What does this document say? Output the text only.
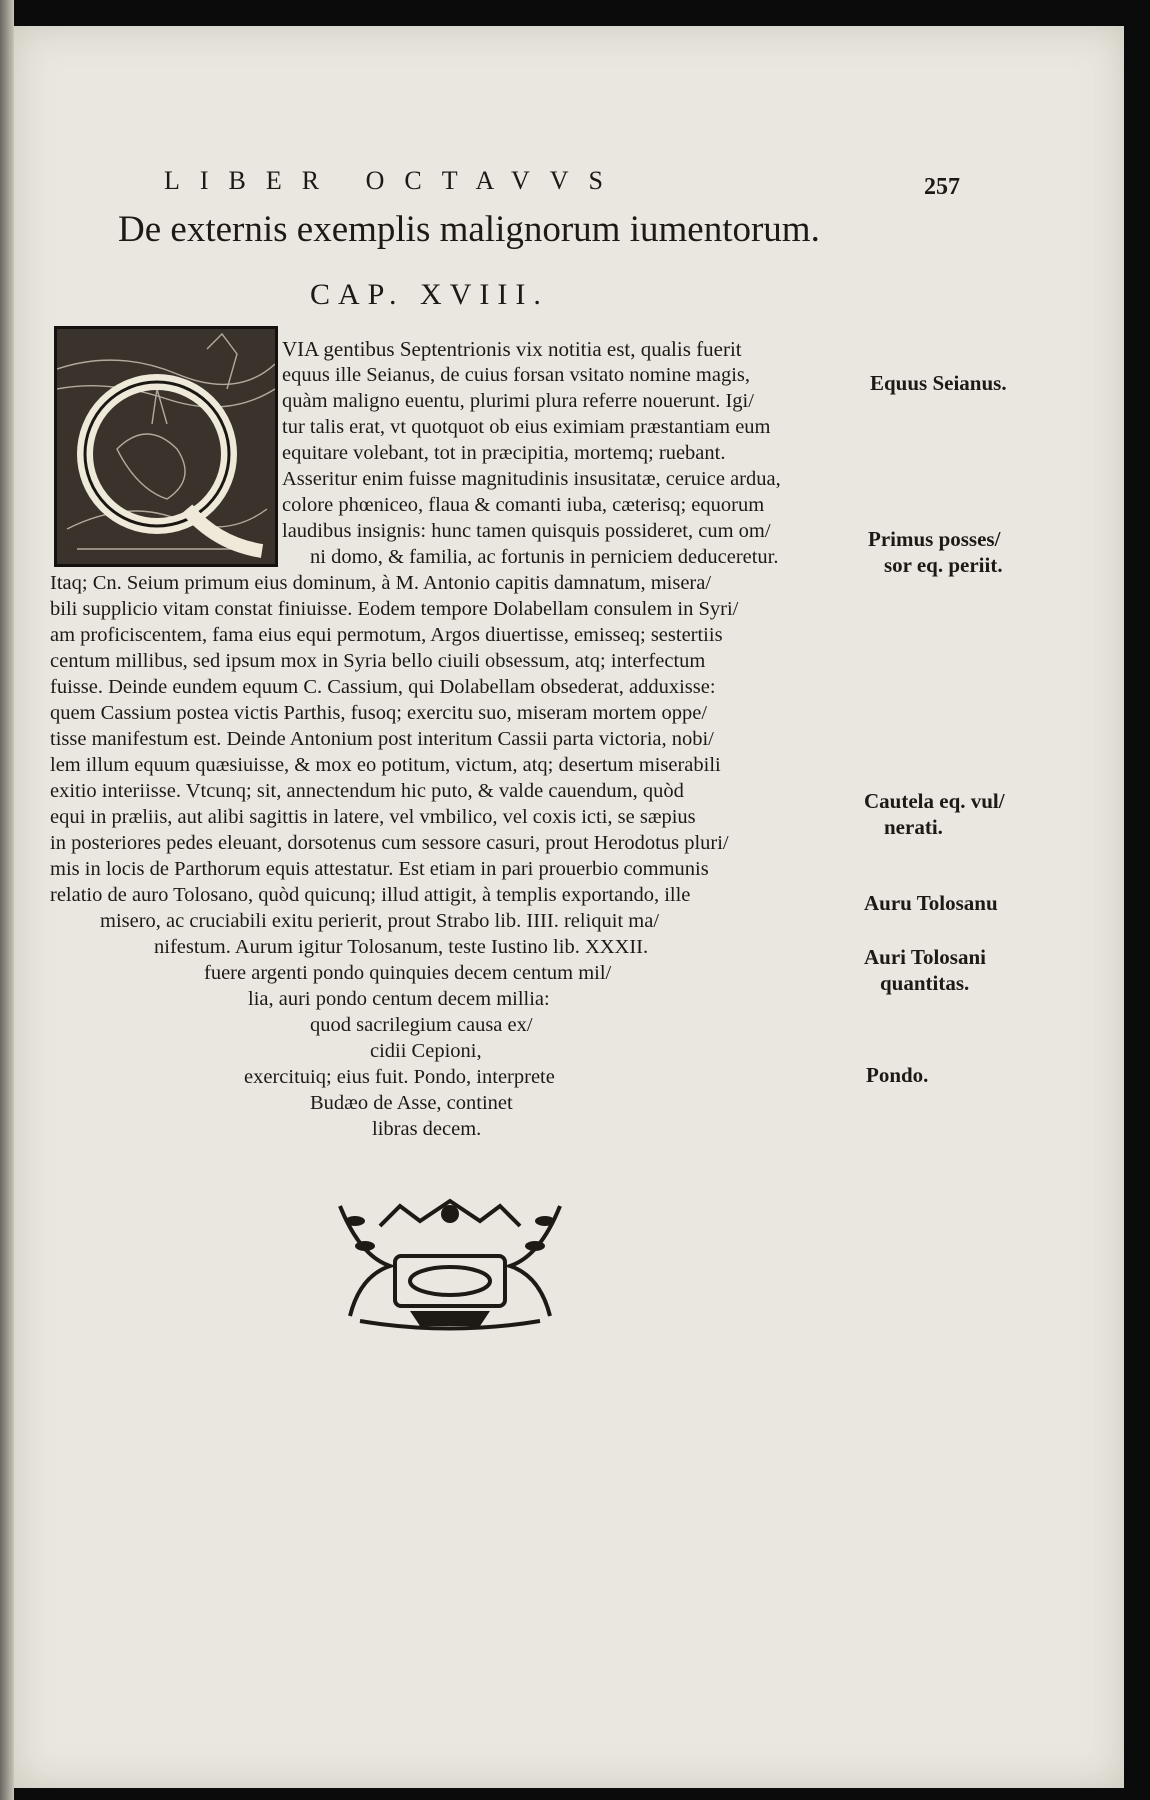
LIBER OCTAVVS	257
De externis exemplis malignorum iumentorum.
CAP. XVIII.
VIA gentibus Septentrionis vix notitia est, qualis fuerit
equus ille Seianus, de cuius forsan vsitato nomine magis,
quàm maligno euentu, plurimi plura referre nouerunt. Igi/
tur talis erat, vt quotquot ob eius eximiam præstantiam eum
equitare volebant, tot in præcipitia, mortemq; ruebant.
Asseritur enim fuisse magnitudinis insusitatæ, ceruice ardua,
colore phœniceo, flaua & comanti iuba, cæterisq; equorum
laudibus insignis: hunc tamen quisquis possideret, cum om/
ni domo, & familia, ac fortunis in perniciem deduceretur.
Itaq; Cn. Seium primum eius dominum, à M. Antonio capitis damnatum, misera/
bili supplicio vitam constat finiuisse. Eodem tempore Dolabellam consulem in Syri/
am proficiscentem, fama eius equi permotum, Argos diuertisse, emisseq; sestertiis
centum millibus, sed ipsum mox in Syria bello ciuili obsessum, atq; interfectum
fuisse. Deinde eundem equum C. Cassium, qui Dolabellam obsederat, adduxisse:
quem Cassium postea victis Parthis, fusoq; exercitu suo, miseram mortem oppe/
tisse manifestum est. Deinde Antonium post interitum Cassii parta victoria, nobi/
lem illum equum quæsiuisse, & mox eo potitum, victum, atq; desertum miserabili
exitio interiisse. Vtcunq; sit, annectendum hic puto, & valde cauendum, quòd
equi in præliis, aut alibi sagittis in latere, vel vmbilico, vel coxis icti, se sæpius
in posteriores pedes eleuant, dorsotenus cum sessore casuri, prout Herodotus pluri/
mis in locis de Parthorum equis attestatur. Est etiam in pari prouerbio communis
relatio de auro Tolosano, quòd quicunq; illud attigit, à templis exportando, ille
misero, ac cruciabili exitu perierit, prout Strabo lib. IIII. reliquit ma/
nifestum. Aurum igitur Tolosanum, teste Iustino lib. XXXII.
fuere argenti pondo quinquies decem centum mil/
lia, auri pondo centum decem millia:
quod sacrilegium causa ex/
cidii Cepioni,
exercituiq; eius fuit. Pondo, interprete
Budæo de Asse, continet
libras decem.
Equus Seianus.
Primus posses/
sor eq. periit.
Cautela eq. vul/
nerati.
Auru Tolosanu
Auri Tolosani
quantitas.
Pondo.
